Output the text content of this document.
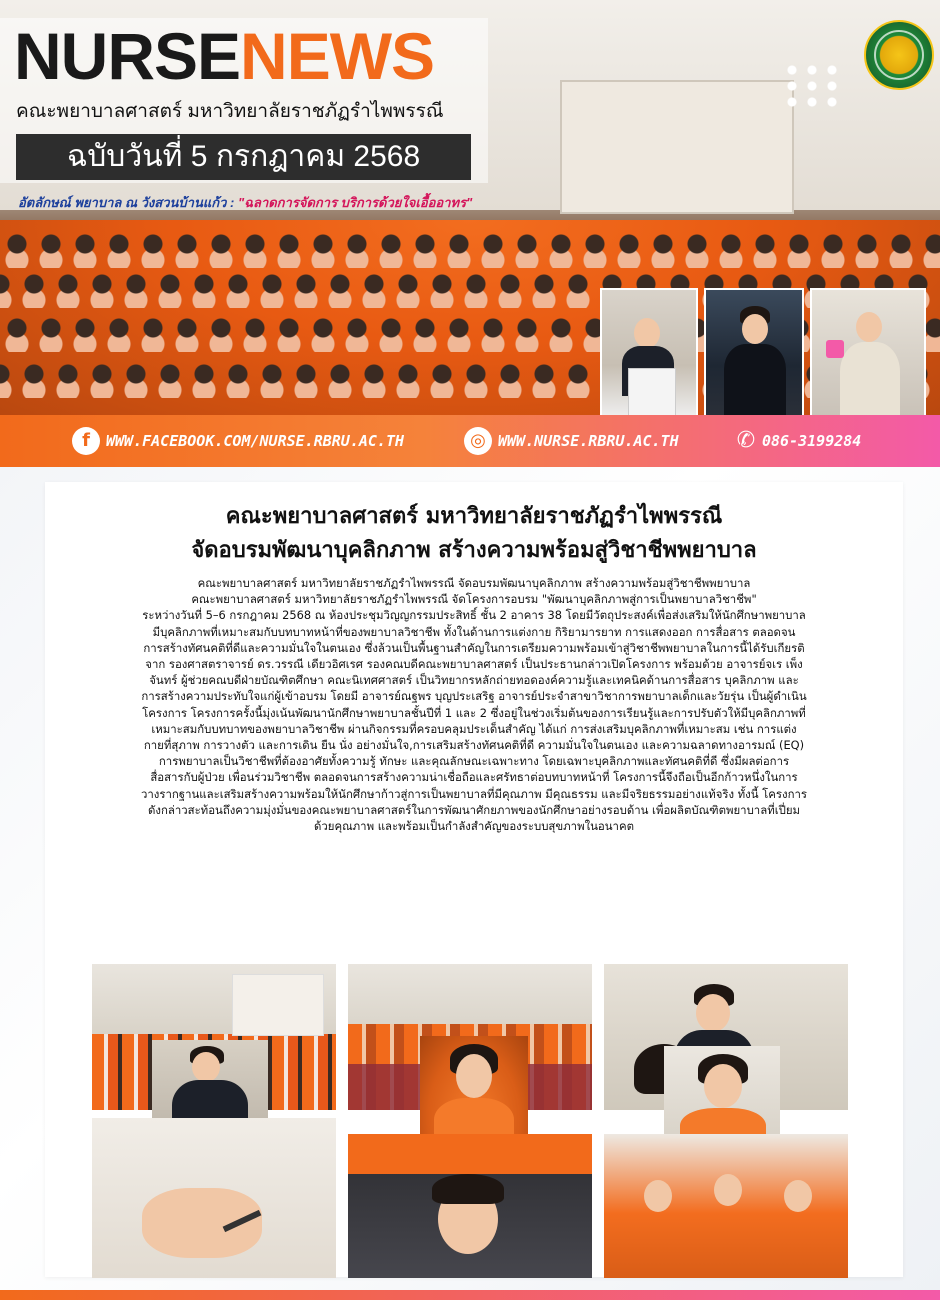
NURSENEWS
คณะพยาบาลศาสตร์ มหาวิทยาลัยราชภัฏรำไพพรรณี
ฉบับวันที่ 5 กรกฎาคม 2568
อัตลักษณ์ พยาบาล ณ วังสวนบ้านแก้ว : "ฉลาดการจัดการ บริการด้วยใจเอื้ออาทร"
f	WWW.FACEBOOK.COM/NURSE.RBRU.AC.TH	◎ WWW.NURSE.RBRU.AC.TH	✆ 086-3199284
คณะพยาบาลศาสตร์ มหาวิทยาลัยราชภัฏรำไพพรรณี
จัดอบรมพัฒนาบุคลิกภาพ สร้างความพร้อมสู่วิชาชีพพยาบาล

คณะพยาบาลศาสตร์ มหาวิทยาลัยราชภัฏรำไพพรรณี จัดอบรมพัฒนาบุคลิกภาพ สร้างความพร้อมสู่วิชาชีพพยาบาล

คณะพยาบาลศาสตร์ มหาวิทยาลัยราชภัฏรำไพพรรณี จัดโครงการอบรม "พัฒนาบุคลิกภาพสู่การเป็นพยาบาลวิชาชีพ"

ระหว่างวันที่ 5–6 กรกฎาคม 2568 ณ ห้องประชุมวิญญกรรมประสิทธิ์ ชั้น 2 อาคาร 38 โดยมีวัตถุประสงค์เพื่อส่งเสริมให้นักศึกษาพยาบาล

มีบุคลิกภาพที่เหมาะสมกับบทบาทหน้าที่ของพยาบาลวิชาชีพ ทั้งในด้านการแต่งกาย กิริยามารยาท การแสดงออก การสื่อสาร ตลอดจน

การสร้างทัศนคติที่ดีและความมั่นใจในตนเอง ซึ่งล้วนเป็นพื้นฐานสำคัญในการเตรียมความพร้อมเข้าสู่วิชาชีพพยาบาลในการนี้ได้รับเกียรติ

จาก รองศาสตราจารย์ ดร.วรรณี เดียวอิศเรศ รองคณบดีคณะพยาบาลศาสตร์ เป็นประธานกล่าวเปิดโครงการ พร้อมด้วย อาจารย์จเร เพ็ง

จันทร์ ผู้ช่วยคณบดีฝ่ายบัณฑิตศึกษา คณะนิเทศศาสตร์ เป็นวิทยากรหลักถ่ายทอดองค์ความรู้และเทคนิคด้านการสื่อสาร บุคลิกภาพ และ

การสร้างความประทับใจแก่ผู้เข้าอบรม โดยมี อาจารย์ณฐพร บุญประเสริฐ อาจารย์ประจำสาขาวิชาการพยาบาลเด็กและวัยรุ่น เป็นผู้ดำเนิน

โครงการ โครงการครั้งนี้มุ่งเน้นพัฒนานักศึกษาพยาบาลชั้นปีที่ 1 และ 2 ซึ่งอยู่ในช่วงเริ่มต้นของการเรียนรู้และการปรับตัวให้มีบุคลิกภาพที่

เหมาะสมกับบทบาทของพยาบาลวิชาชีพ ผ่านกิจกรรมที่ครอบคลุมประเด็นสำคัญ ได้แก่ การส่งเสริมบุคลิกภาพที่เหมาะสม เช่น การแต่ง

กายที่สุภาพ การวางตัว และการเดิน ยืน นั่ง อย่างมั่นใจ,การเสริมสร้างทัศนคติที่ดี ความมั่นใจในตนเอง และความฉลาดทางอารมณ์ (EQ)

การพยาบาลเป็นวิชาชีพที่ต้องอาศัยทั้งความรู้ ทักษะ และคุณลักษณะเฉพาะทาง โดยเฉพาะบุคลิกภาพและทัศนคติที่ดี ซึ่งมีผลต่อการ

สื่อสารกับผู้ป่วย เพื่อนร่วมวิชาชีพ ตลอดจนการสร้างความน่าเชื่อถือและศรัทธาต่อบทบาทหน้าที่ โครงการนี้จึงถือเป็นอีกก้าวหนึ่งในการ

วางรากฐานและเสริมสร้างความพร้อมให้นักศึกษาก้าวสู่การเป็นพยาบาลที่มีคุณภาพ มีคุณธรรม และมีจริยธรรมอย่างแท้จริง ทั้งนี้ โครงการ

ดังกล่าวสะท้อนถึงความมุ่งมั่นของคณะพยาบาลศาสตร์ในการพัฒนาศักยภาพของนักศึกษาอย่างรอบด้าน เพื่อผลิตบัณฑิตพยาบาลที่เปี่ยม

ด้วยคุณภาพ และพร้อมเป็นกำลังสำคัญของระบบสุขภาพในอนาคต
